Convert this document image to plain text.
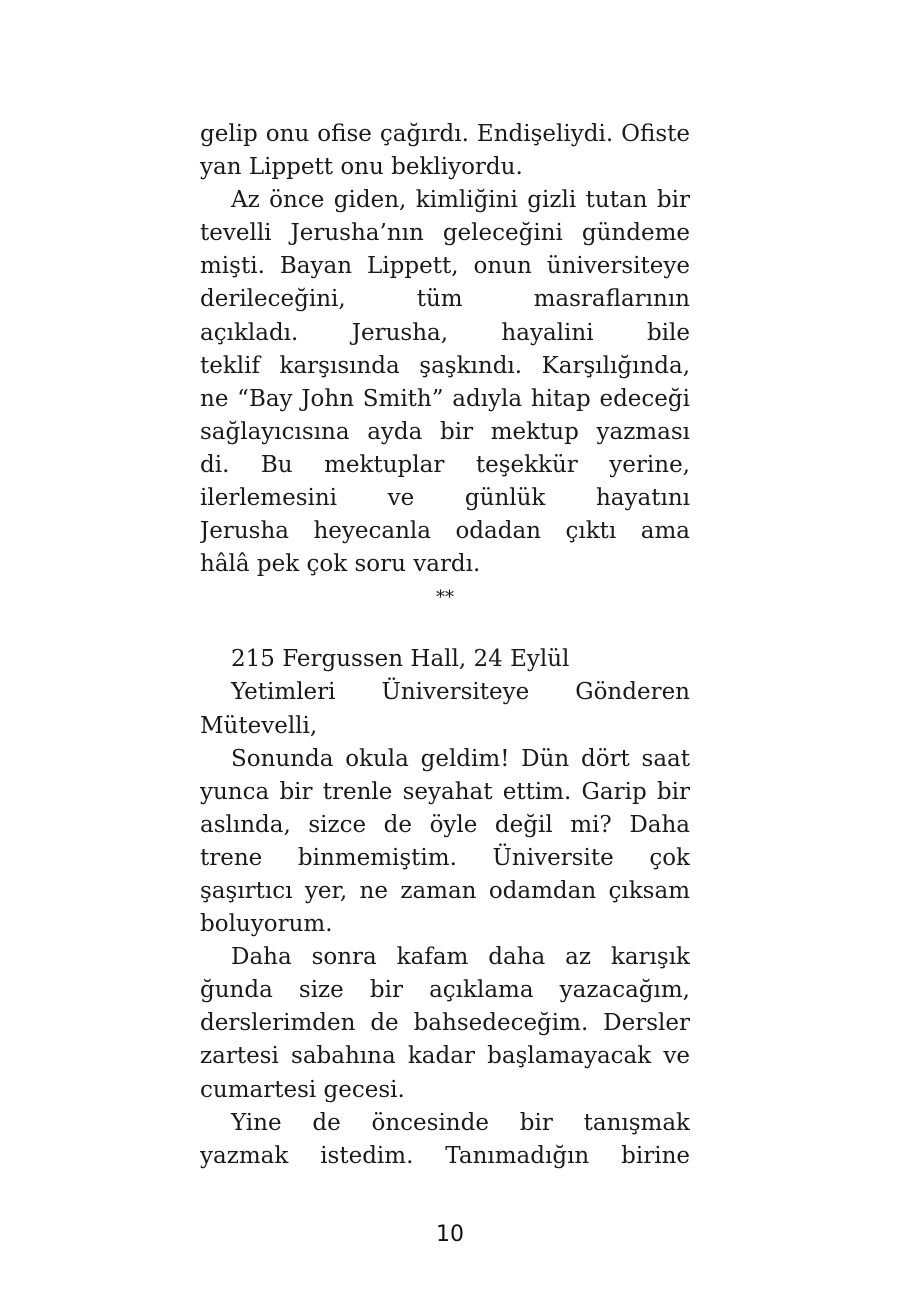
gelip onu ofise çağırdı. Endişeliydi. Ofiste
yan Lippett onu bekliyordu.
Az önce giden, kimliğini gizli tutan bir
tevelli Jerusha’nın geleceğini gündeme
mişti. Bayan Lippett, onun üniversiteye
derileceğini, tüm masraflarının
açıkladı. Jerusha, hayalini bile
teklif karşısında şaşkındı. Karşılığında,
ne “Bay John Smith” adıyla hitap edeceği
sağlayıcısına ayda bir mektup yazması
di. Bu mektuplar teşekkür yerine,
ilerlemesini ve günlük hayatını
Jerusha heyecanla odadan çıktı ama
hâlâ pek çok soru vardı.
**
215 Fergussen Hall, 24 Eylül
Yetimleri Üniversiteye Gönderen
Mütevelli,
Sonunda okula geldim! Dün dört saat
yunca bir trenle seyahat ettim. Garip bir
aslında, sizce de öyle değil mi? Daha
trene binmemiştim. Üniversite çok
şaşırtıcı yer, ne zaman odamdan çıksam
boluyorum.
Daha sonra kafam daha az karışık
ğunda size bir açıklama yazacağım,
derslerimden de bahsedeceğim. Dersler
zartesi sabahına kadar başlamayacak ve
cumartesi gecesi.
Yine de öncesinde bir tanışmak
yazmak istedim. Tanımadığın birine
10
